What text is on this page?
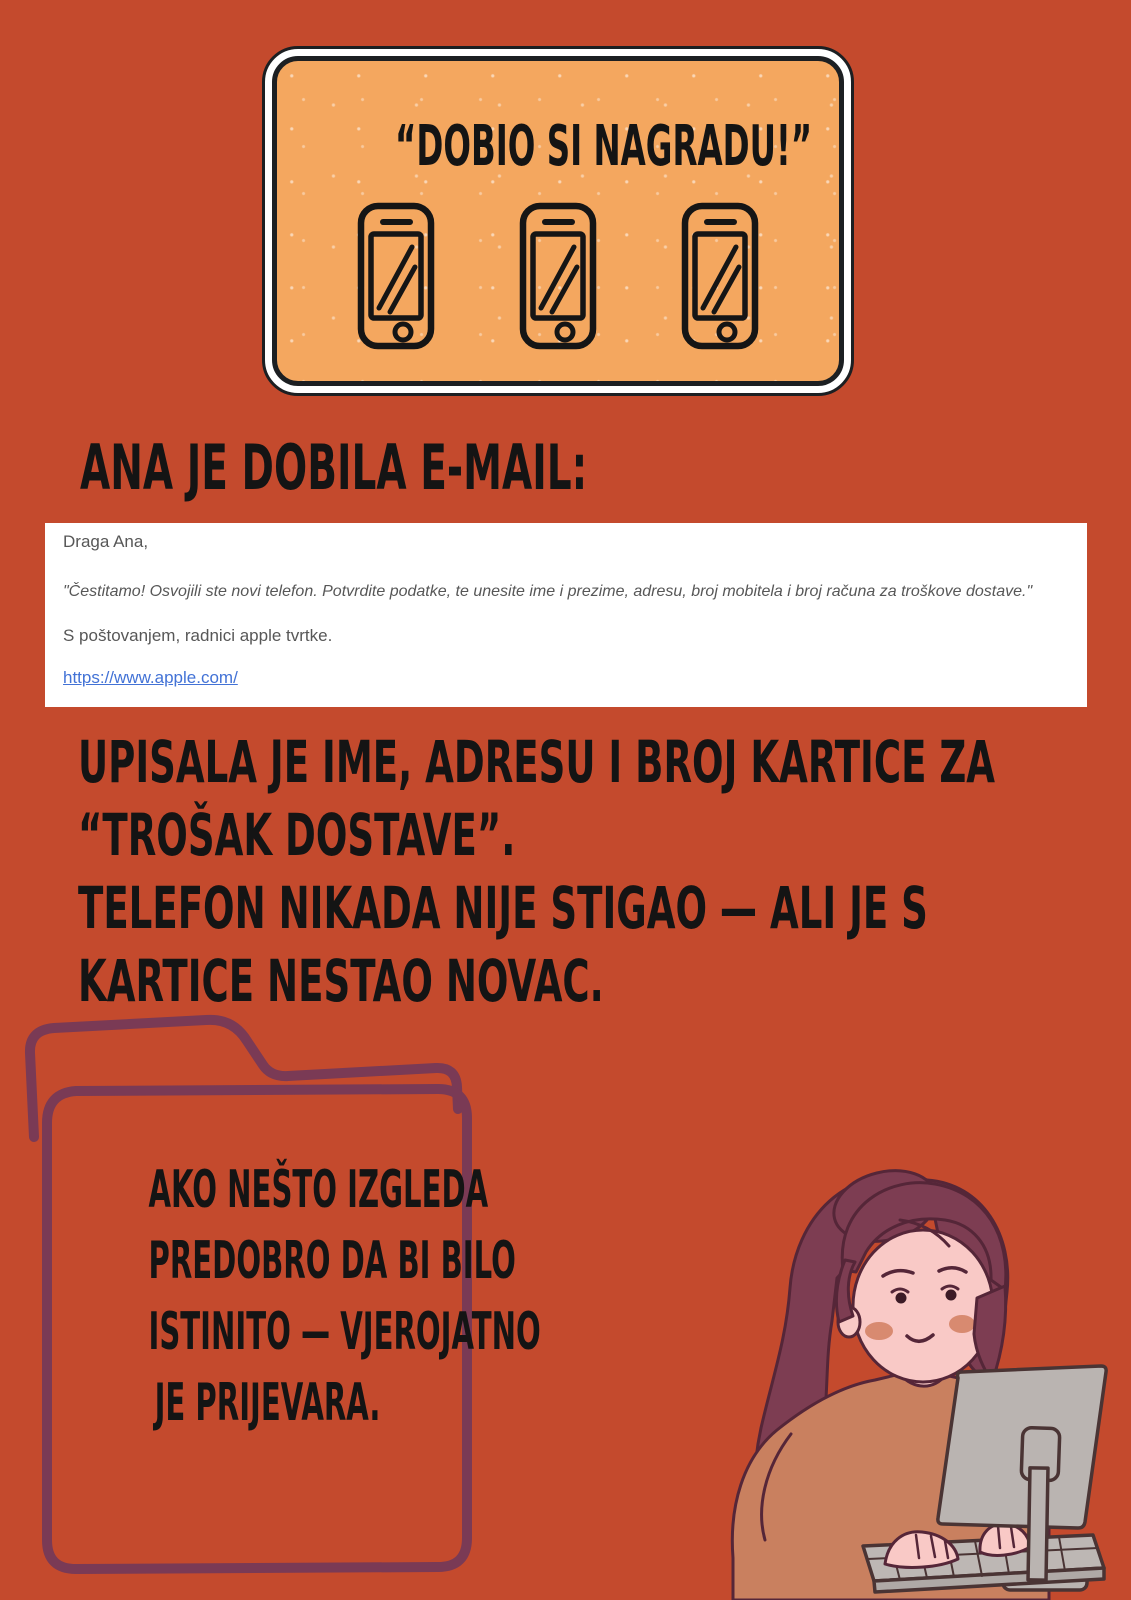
“DOBIO SI NAGRADU!”
ANA JE DOBILA E-MAIL:
Draga Ana,
"Čestitamo! Osvojili ste novi telefon. Potvrdite podatke, te unesite ime i prezime, adresu, broj mobitela i broj računa za troškove dostave."
S poštovanjem, radnici apple tvrtke.
https://www.apple.com/
UPISALA JE IME, ADRESU I BROJ KARTICE ZA
“TROŠAK DOSTAVE”.
TELEFON NIKADA NIJE STIGAO — ALI JE S
KARTICE NESTAO NOVAC.
AKO NEŠTO IZGLEDA
PREDOBRO DA BI BILO
ISTINITO — VJEROJATNO
JE PRIJEVARA.
